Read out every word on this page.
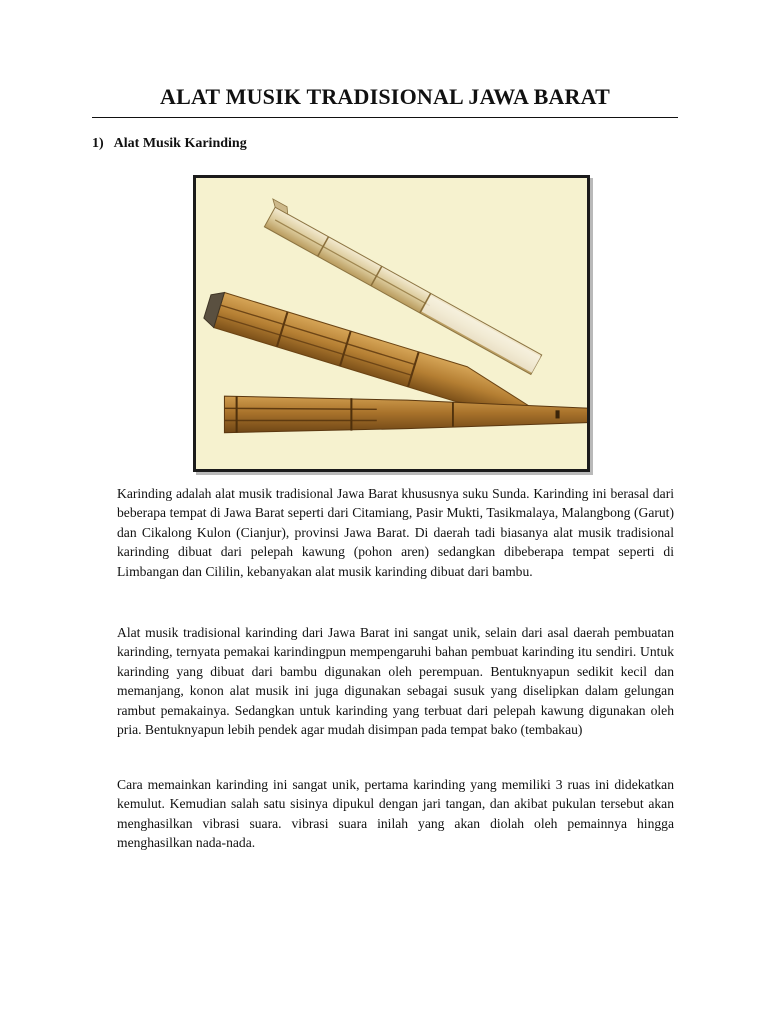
ALAT MUSIK TRADISIONAL JAWA BARAT
1) Alat Musik Karinding

Karinding adalah alat musik tradisional Jawa Barat khususnya suku Sunda. Karinding ini berasal dari beberapa tempat di Jawa Barat seperti dari Citamiang, Pasir Mukti, Tasikmalaya, Malangbong (Garut) dan Cikalong Kulon (Cianjur), provinsi Jawa Barat. Di daerah tadi biasanya alat musik tradisional karinding dibuat dari pelepah kawung (pohon aren) sedangkan dibeberapa tempat seperti di Limbangan dan Cililin, kebanyakan alat musik karinding dibuat dari bambu.

Alat musik tradisional karinding dari Jawa Barat ini sangat unik, selain dari asal daerah pembuatan karinding, ternyata pemakai karindingpun mempengaruhi bahan pembuat karinding itu sendiri. Untuk karinding yang dibuat dari bambu digunakan oleh perempuan. Bentuknyapun sedikit kecil dan memanjang, konon alat musik ini juga digunakan sebagai susuk yang diselipkan dalam gelungan rambut pemakainya. Sedangkan untuk karinding yang terbuat dari pelepah kawung digunakan oleh pria. Bentuknyapun lebih pendek agar mudah disimpan pada tempat bako (tembakau)

Cara memainkan karinding ini sangat unik, pertama karinding yang memiliki 3 ruas ini didekatkan kemulut. Kemudian salah satu sisinya dipukul dengan jari tangan, dan akibat pukulan tersebut akan menghasilkan vibrasi suara. vibrasi suara inilah yang akan diolah oleh pemainnya hingga menghasilkan nada-nada.
